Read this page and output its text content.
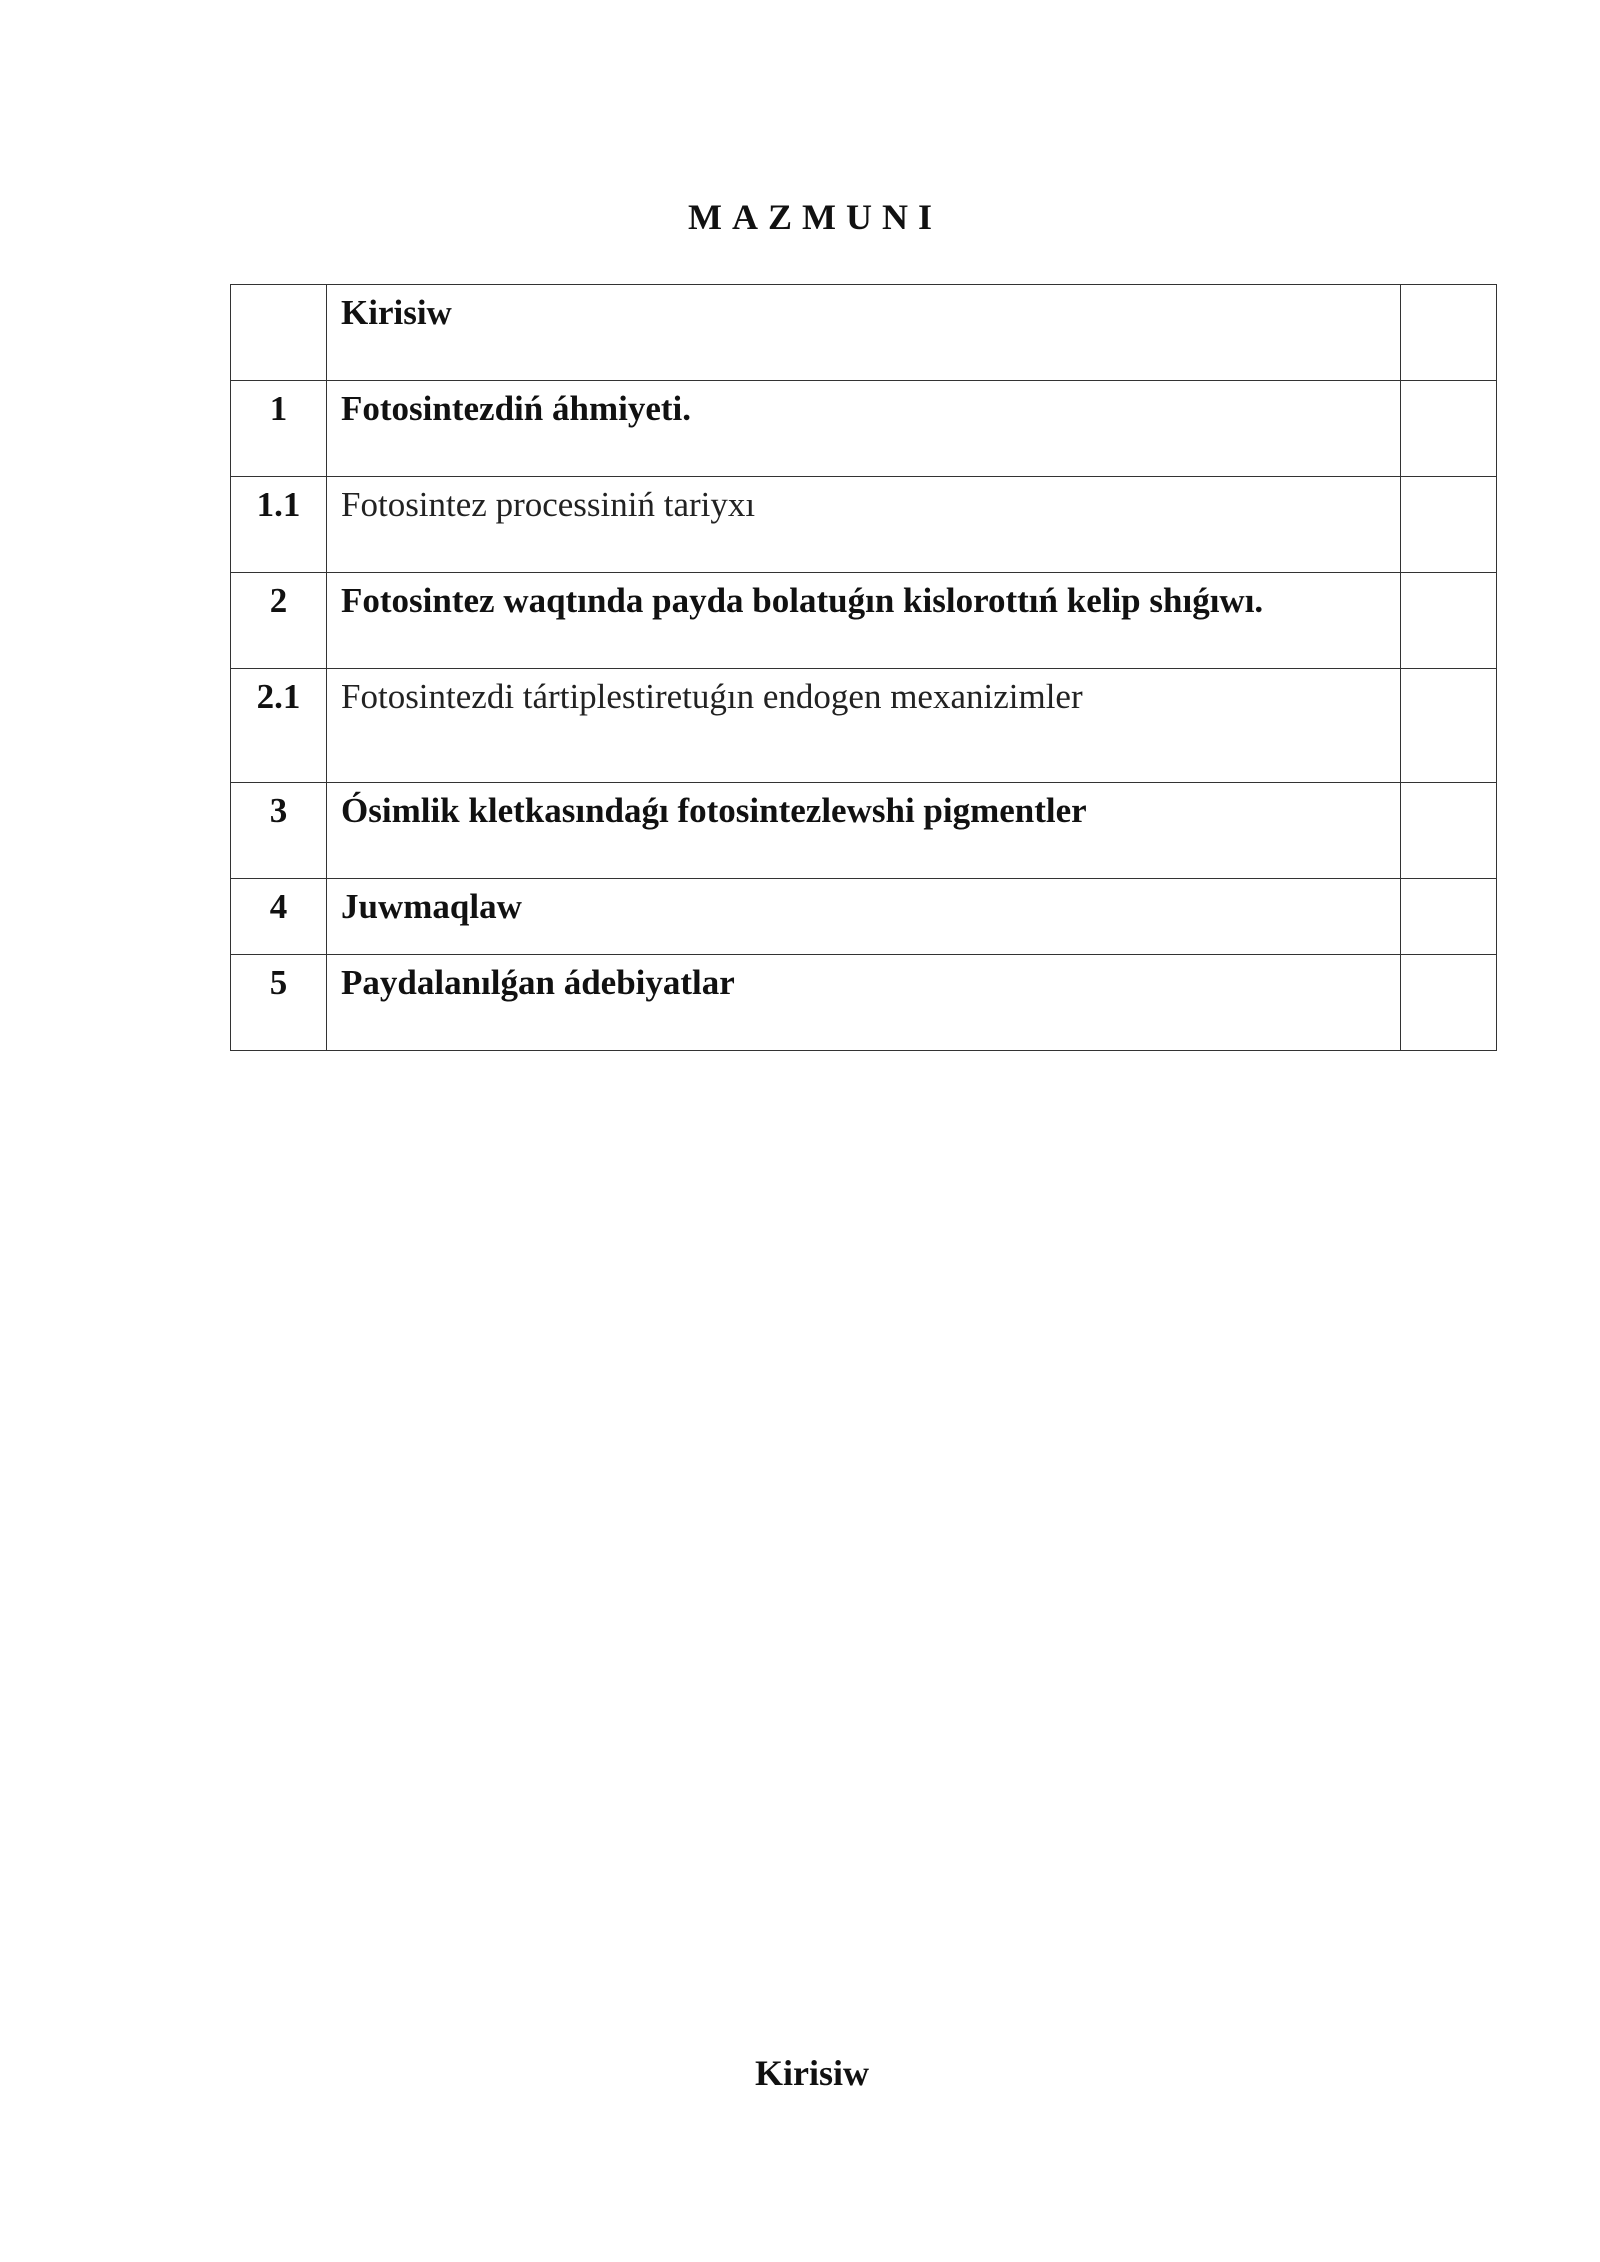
MAZMUNI
	Kirisiw	
1	Fotosintezdiń áhmiyeti.	
1.1	Fotosintez processiniń tariyxı	
2	Fotosintez waqtında payda bolatuǵın kislorottıń kelip shıǵıwı.	
2.1	Fotosintezdi tártiplestiretuǵın endogen mexanizimler	
3	Ósimlik kletkasındaǵı fotosintezlewshi pigmentler	
4	Juwmaqlaw	
5	Paydalanılǵan ádebiyatlar	
Kirisiw
